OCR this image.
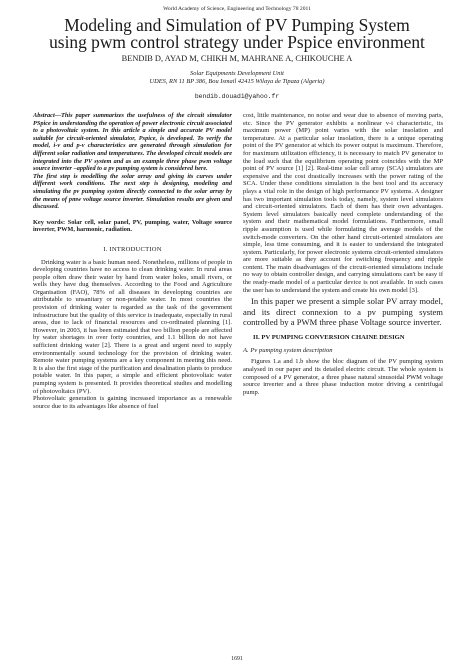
World Academy of Science, Engineering and Technology 78 2011
Modeling and Simulation of PV Pumping System
using pwm control strategy under Pspice environment
BENDIB D, AYAD M, CHIKH M, MAHRANE A, CHIKOUCHE A
Solar Equipments Development Unit
UDES, RN 11 BP 386, Bou Ismail 42415 Wilaya de Tipaza (Algeria)
bendib.douadi@yahoo.fr

Abstract—This paper summarizes the usefulness of the circuit simulator PSpice in understanding the operation of power electronic circuit associated to a photovoltaic system. In this article a simple and accurate PV model suitable for circuit-oriented simulator, Pspice, is developed. To verify the model, i-v and p-v characteristics are generated through simulation for different solar radiation and temperatures. The developed circuit models are integrated into the PV system and as an example three phase pwm voltage source inverter –applied to a pv pumping system is considered here.

The first step is modelling the solar array and giving its curves under different work conditions. The next step is designing, modeling and simulating the pv pumping system directly connected to the solar array by the means of pmw voltage source inverter. Simulation results are given and discussed.

Key words: Solar cell, solar panel, PV, pumping, water, Voltage source inverter, PWM, harmonic, radiation.
I. INTRODUCTION

Drinking water is a basic human need. Nonetheless, millions of people in developing countries have no access to clean drinking water. In rural areas people often draw their water by hand from water holes, small rivers, or wells they have dug themselves. According to the Food and Agriculture Organisation (FAO), 78% of all diseases in developing countries are attributable to unsanitary or non-potable water. In most countries the provision of drinking water is regarded as the task of the government infrastructure but the quality of this service is inadequate, especially in rural areas, due to lack of financial resources and co-ordinated planning [1]. However, in 2003, it has been estimated that two billion people are affected by water shortages in over forty countries, and 1.1 billion do not have sufficient drinking water [2]. There is a great and urgent need to supply environmentally sound technology for the provision of drinking water. Remote water pumping systems are a key component in meeting this need. It is also the first stage of the purification and desalination plants to produce potable water. In this paper, a simple and efficient photovoltaic water pumping system is presented. It provides theoretical studies and modelling of photovoltaics (PV).

Photovoltaic generation is gaining increased importance as a renewable source due to its advantages like absence of fuel

cost, little maintenance, no noise and wear due to absence of moving parts, etc. Since the PV generator exhibits a nonlinear v-i characteristic, its maximum power (MP) point varies with the solar insolation and temperature. At a particular solar insolation, there is a unique operating point of the PV generator at which its power output is maximum. Therefore, for maximum utilization efficiency, it is necessary to match PV generator to the load such that the equilibrium operating point coincides with the MP point of PV source [1] [2]. Real-time solar cell array (SCA) simulators are expensive and the cost drastically increases with the power rating of the SCA. Under these conditions simulation is the best tool and its accuracy plays a vital role in the design of high performance PV systems. A designer has two important simulation tools today, namely, system level simulators and circuit-oriented simulators. Each of them has their own advantages. System level simulators basically need complete understanding of the system and their mathematical model formulations. Furthermore, small ripple assumption is used while formulating the average models of the switch-mode converters. On the other hand circuit-oriented simulators are simple, less time consuming, and it is easier to understand the integrated system. Particularly, for power electronic systems circuit-oriented simulators are more suitable as they account for switching frequency and ripple content. The main disadvantages of the circuit-oriented simulations include no way to obtain controller design, and carrying simulations can't be easy if the ready-made model of a particular device is not available. In such cases the user has to understand the system and create his own model [3].

In this paper we present a simple solar PV array model, and its direct connexion to a pv pumping system controlled by a PWM three phase Voltage source inverter.

II. PV PUMPING CONVERSION CHAINE DESIGN
A. Pv pumping system description

Figures 1.a and 1.b show the bloc diagram of the PV pumping system analysed in our paper and its detailed electric circuit. The whole system is composed of a PV generator, a three phase natural sinusoidal PWM voltage source inverter and a three phase induction motor driving a centrifugal pump.

1691
